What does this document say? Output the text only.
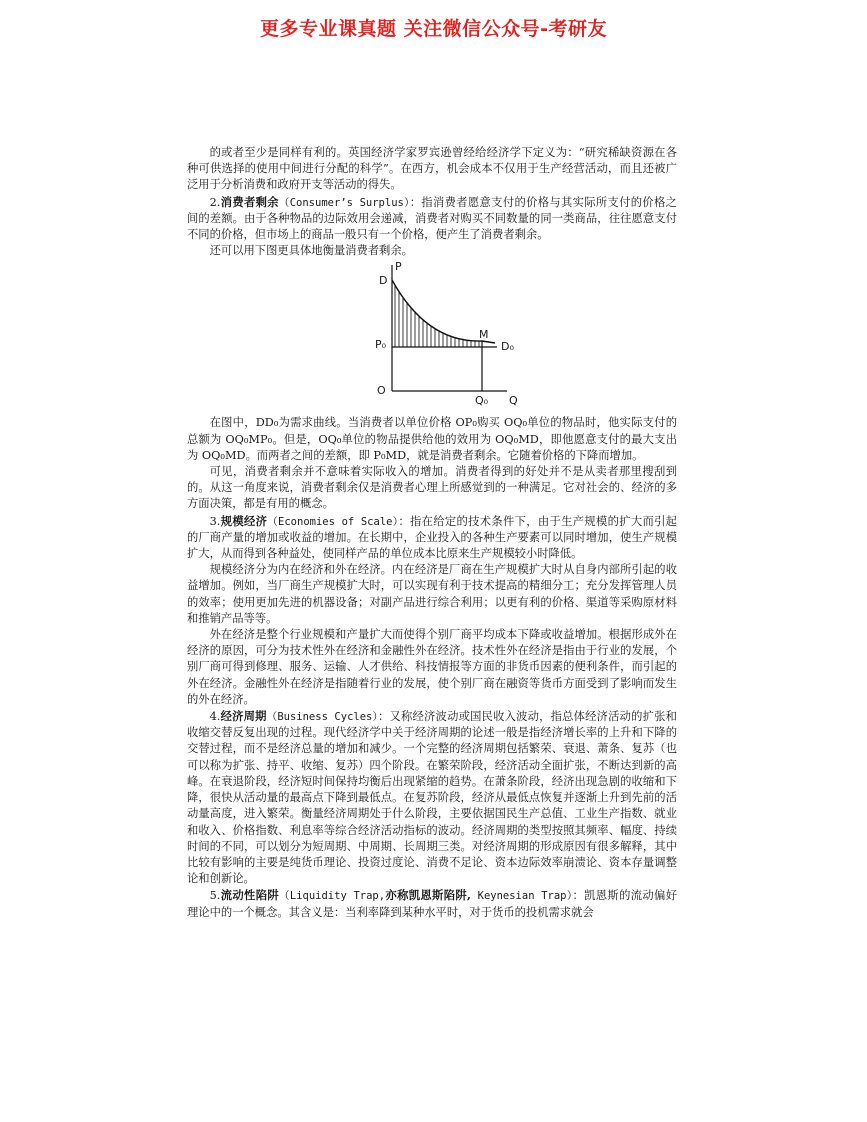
更多专业课真题 关注微信公众号-考研友

的或者至少是同样有利的。英国经济学家罗宾逊曾经给经济学下定义为：“研究稀缺资源在各种可供选择的使用中间进行分配的科学”。在西方，机会成本不仅用于生产经营活动，而且还被广泛用于分析消费和政府开支等活动的得失。

2.消费者剩余（Consumer’s Surplus）：指消费者愿意支付的价格与其实际所支付的价格之间的差额。由于各种物品的边际效用会递减，消费者对购买不同数量的同一类商品，往往愿意支付不同的价格，但市场上的商品一般只有一个价格，便产生了消费者剩余。

还可以用下图更具体地衡量消费者剩余。

P
D
P₀
M
D₀
O
Q₀ Q

在图中，DD₀为需求曲线。当消费者以单位价格 OP₀购买 OQ₀单位的物品时，他实际支付的总额为 OQ₀MP₀。但是，OQ₀单位的物品提供给他的效用为 OQ₀MD，即他愿意支付的最大支出为 OQ₀MD。而两者之间的差额，即 P₀MD，就是消费者剩余。它随着价格的下降而增加。

可见，消费者剩余并不意味着实际收入的增加。消费者得到的好处并不是从卖者那里搜刮到的。从这一角度来说，消费者剩余仅是消费者心理上所感觉到的一种满足。它对社会的、经济的多方面决策，都是有用的概念。

3.规模经济（Economies of Scale）：指在给定的技术条件下，由于生产规模的扩大而引起的厂商产量的增加或收益的增加。在长期中，企业投入的各种生产要素可以同时增加，使生产规模扩大，从而得到各种益处，使同样产品的单位成本比原来生产规模较小时降低。

规模经济分为内在经济和外在经济。内在经济是厂商在生产规模扩大时从自身内部所引起的收益增加。例如，当厂商生产规模扩大时，可以实现有利于技术提高的精细分工；充分发挥管理人员的效率；使用更加先进的机器设备；对副产品进行综合利用；以更有利的价格、渠道等采购原材料和推销产品等等。

外在经济是整个行业规模和产量扩大而使得个别厂商平均成本下降或收益增加。根据形成外在经济的原因，可分为技术性外在经济和金融性外在经济。技术性外在经济是指由于行业的发展，个别厂商可得到修理、服务、运输、人才供给、科技情报等方面的非货币因素的便利条件，而引起的外在经济。金融性外在经济是指随着行业的发展，使个别厂商在融资等货币方面受到了影响而发生的外在经济。

4.经济周期（Business Cycles）：又称经济波动或国民收入波动，指总体经济活动的扩张和收缩交替反复出现的过程。现代经济学中关于经济周期的论述一般是指经济增长率的上升和下降的交替过程，而不是经济总量的增加和减少。一个完整的经济周期包括繁荣、衰退、萧条、复苏（也可以称为扩张、持平、收缩、复苏）四个阶段。在繁荣阶段，经济活动全面扩张，不断达到新的高峰。在衰退阶段，经济短时间保持均衡后出现紧缩的趋势。在萧条阶段，经济出现急剧的收缩和下降，很快从活动量的最高点下降到最低点。在复苏阶段，经济从最低点恢复并逐渐上升到先前的活动量高度，进入繁荣。衡量经济周期处于什么阶段，主要依据国民生产总值、工业生产指数、就业和收入、价格指数、利息率等综合经济活动指标的波动。经济周期的类型按照其频率、幅度、持续时间的不同，可以划分为短周期、中周期、长周期三类。对经济周期的形成原因有很多解释，其中比较有影响的主要是纯货币理论、投资过度论、消费不足论、资本边际效率崩溃论、资本存量调整论和创新论。

5.流动性陷阱（Liquidity Trap,亦称凯恩斯陷阱, Keynesian Trap）：凯恩斯的流动偏好理论中的一个概念。其含义是：当利率降到某种水平时，对于货币的投机需求就会
